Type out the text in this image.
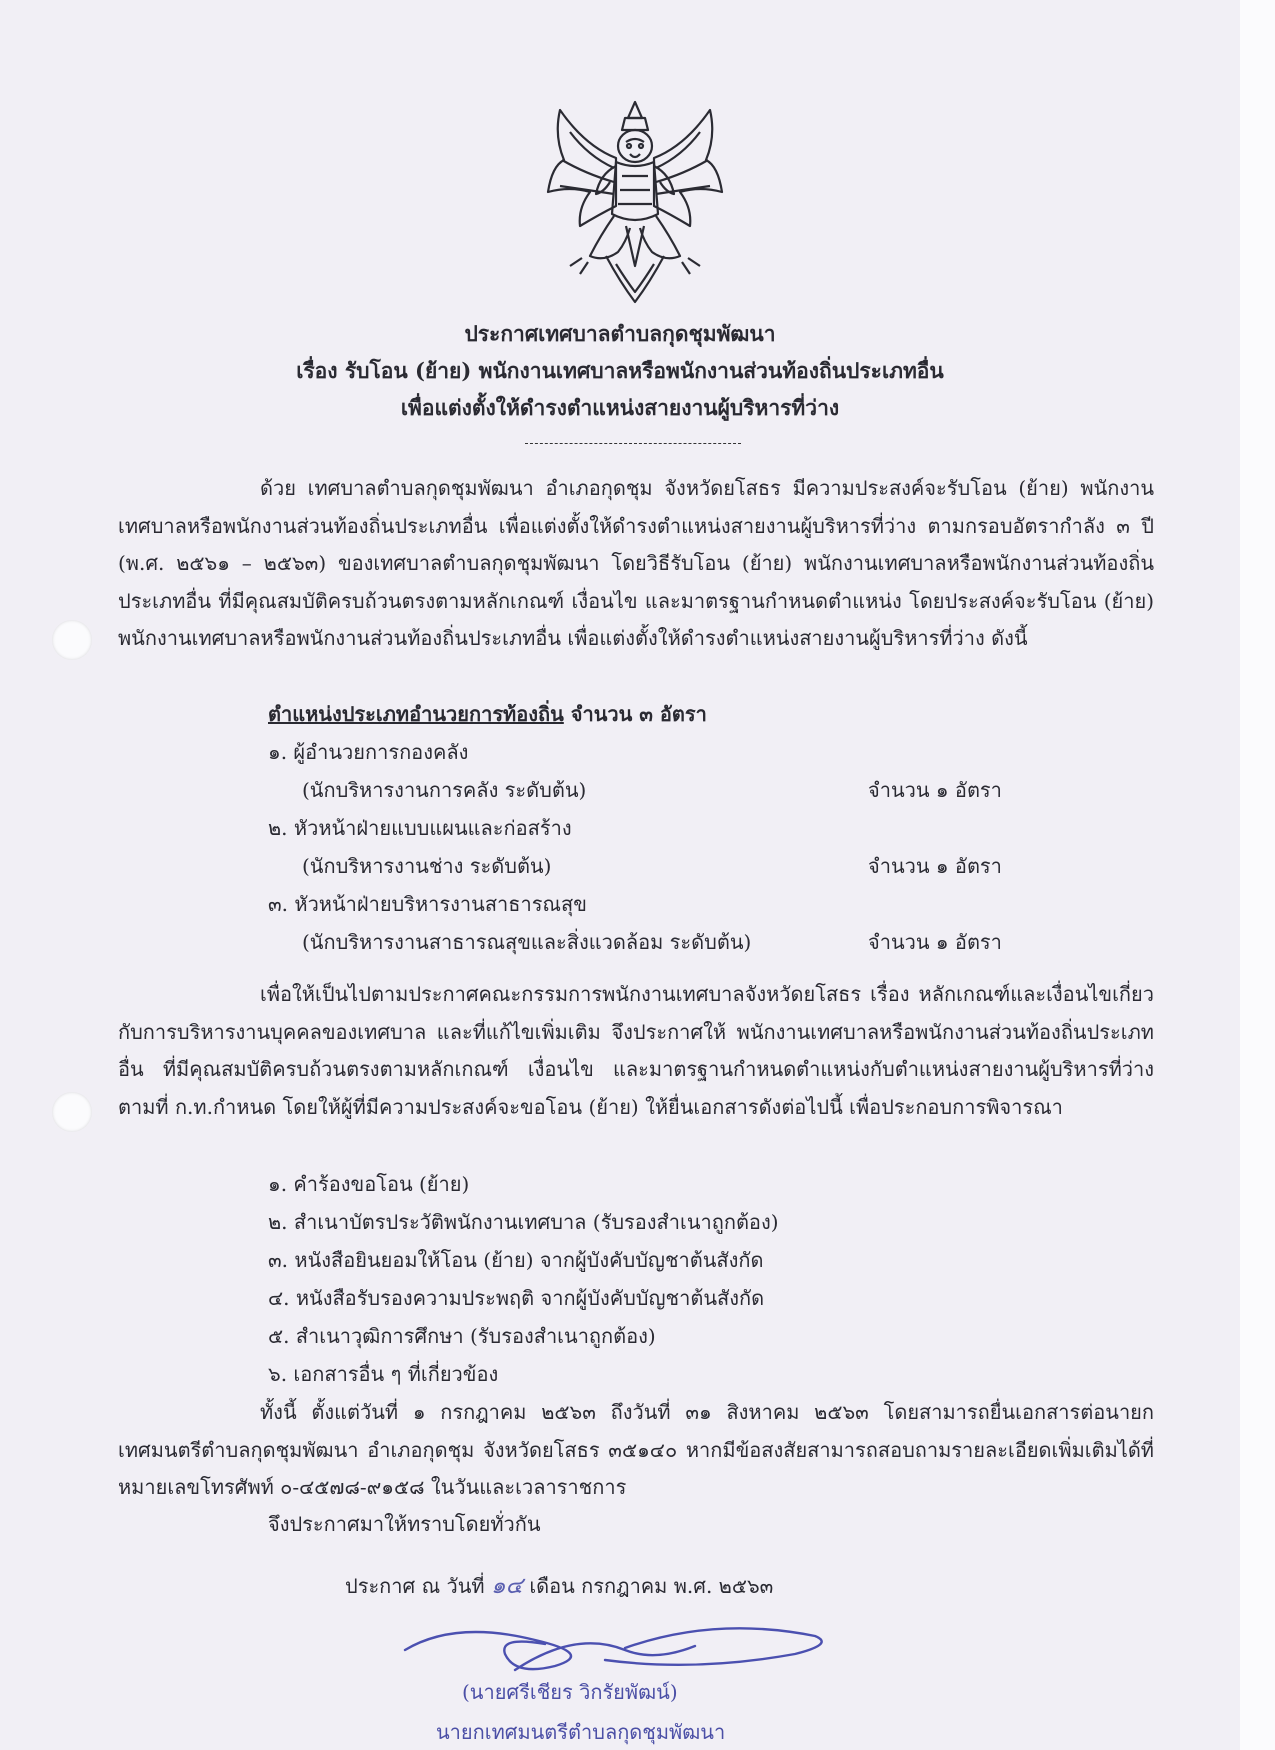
ประกาศเทศบาลตำบลกุดชุมพัฒนา
เรื่อง รับโอน (ย้าย) พนักงานเทศบาลหรือพนักงานส่วนท้องถิ่นประเภทอื่น
เพื่อแต่งตั้งให้ดำรงตำแหน่งสายงานผู้บริหารที่ว่าง
ด้วย เทศบาลตำบลกุดชุมพัฒนา อำเภอกุดชุม จังหวัดยโสธร มีความประสงค์จะรับโอน (ย้าย) พนักงานเทศบาลหรือพนักงานส่วนท้องถิ่นประเภทอื่น เพื่อแต่งตั้งให้ดำรงตำแหน่งสายงานผู้บริหารที่ว่าง ตามกรอบอัตรากำลัง ๓ ปี (พ.ศ. ๒๕๖๑ – ๒๕๖๓) ของเทศบาลตำบลกุดชุมพัฒนา โดยวิธีรับโอน (ย้าย) พนักงานเทศบาลหรือพนักงานส่วนท้องถิ่นประเภทอื่น ที่มีคุณสมบัติครบถ้วนตรงตามหลักเกณฑ์ เงื่อนไข และมาตรฐานกำหนดตำแหน่ง โดยประสงค์จะรับโอน (ย้าย) พนักงานเทศบาลหรือพนักงานส่วนท้องถิ่นประเภทอื่น เพื่อแต่งตั้งให้ดำรงตำแหน่งสายงานผู้บริหารที่ว่าง ดังนี้
ตำแหน่งประเภทอำนวยการท้องถิ่น จำนวน ๓ อัตรา
๑. ผู้อำนวยการกองคลัง
(นักบริหารงานการคลัง ระดับต้น)	จำนวน ๑ อัตรา
๒. หัวหน้าฝ่ายแบบแผนและก่อสร้าง
(นักบริหารงานช่าง ระดับต้น)	จำนวน ๑ อัตรา
๓. หัวหน้าฝ่ายบริหารงานสาธารณสุข
(นักบริหารงานสาธารณสุขและสิ่งแวดล้อม ระดับต้น)	จำนวน ๑ อัตรา
เพื่อให้เป็นไปตามประกาศคณะกรรมการพนักงานเทศบาลจังหวัดยโสธร เรื่อง หลักเกณฑ์และเงื่อนไขเกี่ยวกับการบริหารงานบุคคลของเทศบาล และที่แก้ไขเพิ่มเติม จึงประกาศให้ พนักงานเทศบาลหรือพนักงานส่วนท้องถิ่นประเภทอื่น ที่มีคุณสมบัติครบถ้วนตรงตามหลักเกณฑ์ เงื่อนไข และมาตรฐานกำหนดตำแหน่งกับตำแหน่งสายงานผู้บริหารที่ว่าง ตามที่ ก.ท.กำหนด โดยให้ผู้ที่มีความประสงค์จะขอโอน (ย้าย) ให้ยื่นเอกสารดังต่อไปนี้ เพื่อประกอบการพิจารณา
๑. คำร้องขอโอน (ย้าย)
๒. สำเนาบัตรประวัติพนักงานเทศบาล (รับรองสำเนาถูกต้อง)
๓. หนังสือยินยอมให้โอน (ย้าย) จากผู้บังคับบัญชาต้นสังกัด
๔. หนังสือรับรองความประพฤติ จากผู้บังคับบัญชาต้นสังกัด
๕. สำเนาวุฒิการศึกษา (รับรองสำเนาถูกต้อง)
๖. เอกสารอื่น ๆ ที่เกี่ยวข้อง
ทั้งนี้ ตั้งแต่วันที่ ๑ กรกฎาคม ๒๕๖๓ ถึงวันที่ ๓๑ สิงหาคม ๒๕๖๓ โดยสามารถยื่นเอกสารต่อนายกเทศมนตรีตำบลกุดชุมพัฒนา อำเภอกุดชุม จังหวัดยโสธร ๓๕๑๔๐ หากมีข้อสงสัยสามารถสอบถามรายละเอียดเพิ่มเติมได้ที่หมายเลขโทรศัพท์ ๐-๔๕๗๘-๙๑๕๘ ในวันและเวลาราชการ
จึงประกาศมาให้ทราบโดยทั่วกัน
ประกาศ ณ วันที่ ๑๔ เดือน กรกฎาคม พ.ศ. ๒๕๖๓
(นายศรีเชียร วิกรัยพัฒน์)
นายกเทศมนตรีตำบลกุดชุมพัฒนา
